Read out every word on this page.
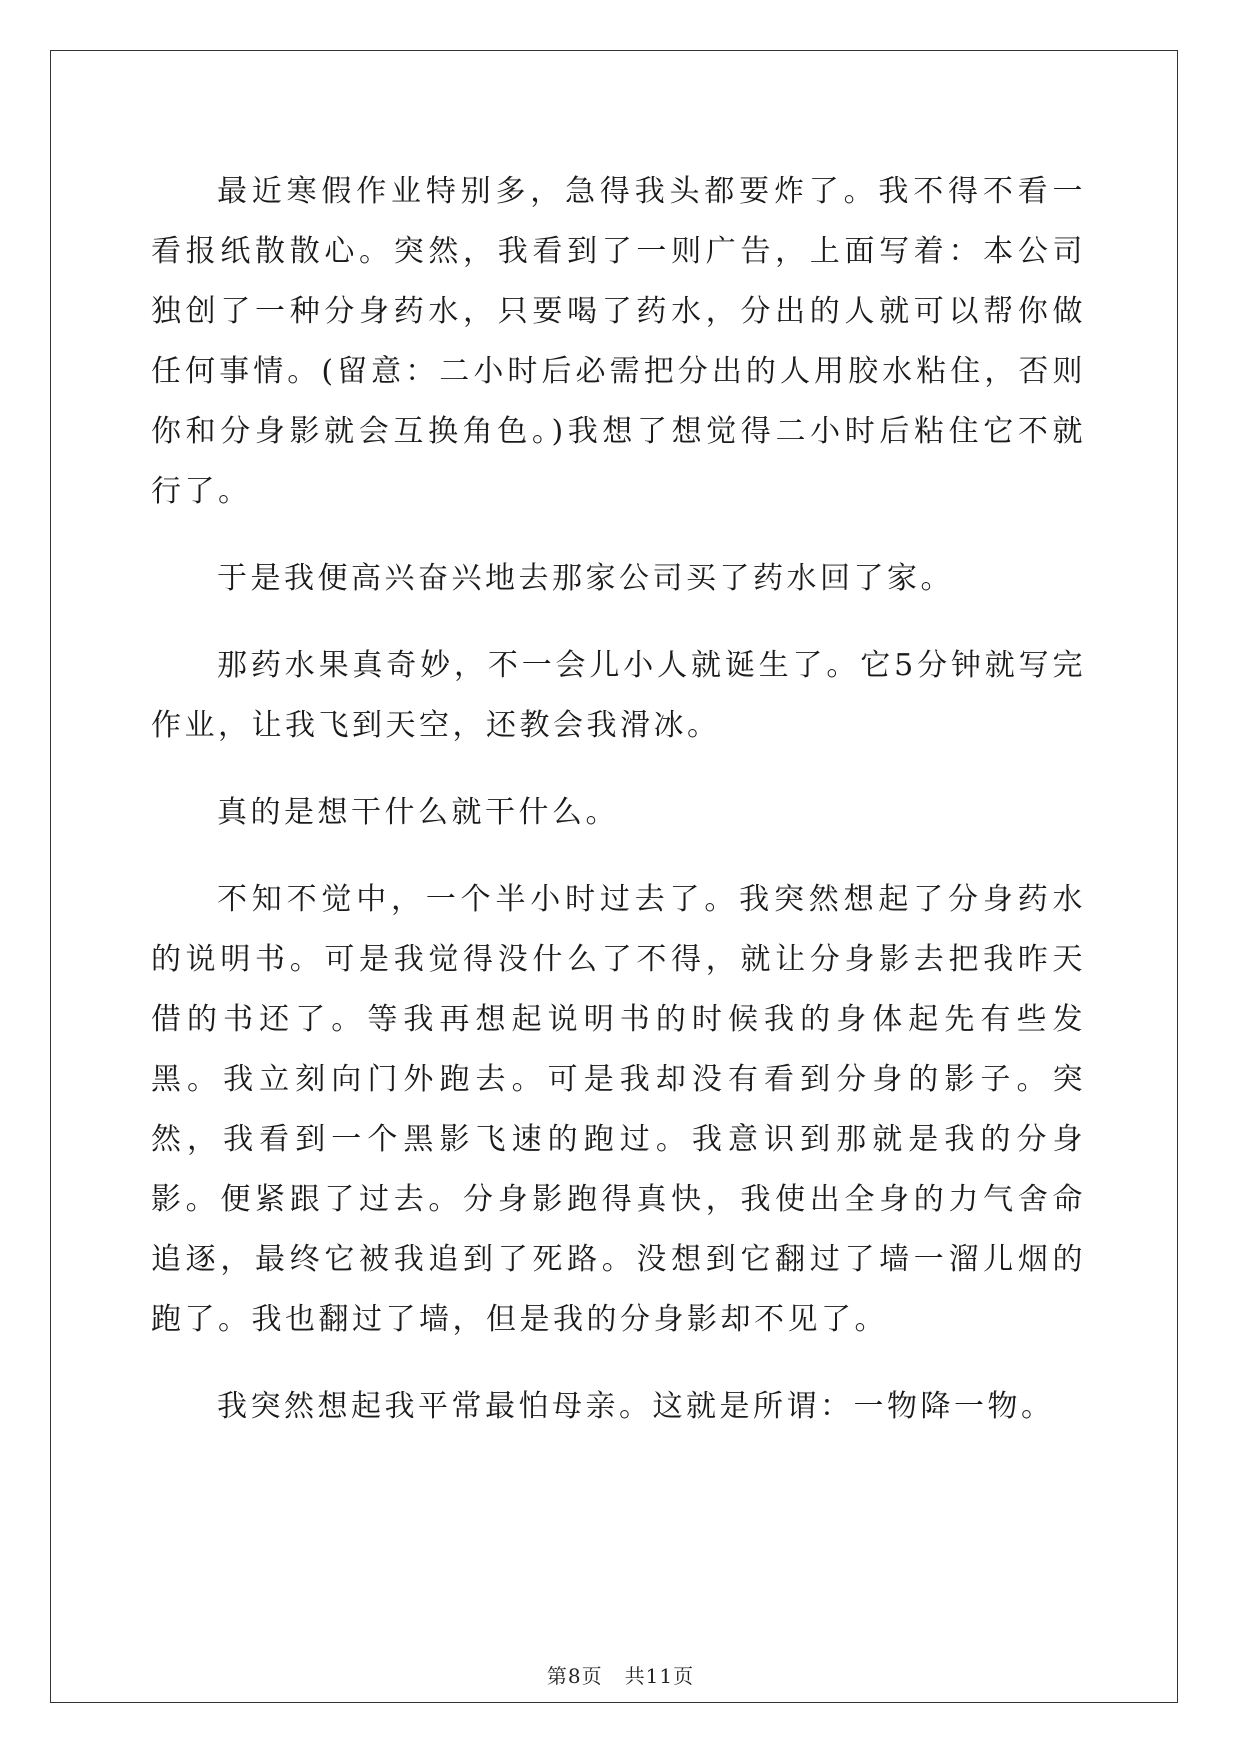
最近寒假作业特别多，急得我头都要炸了。我不得不看一看报纸散散心。突然，我看到了一则广告，上面写着：本公司独创了一种分身药水，只要喝了药水，分出的人就可以帮你做任何事情。(留意：二小时后必需把分出的人用胶水粘住，否则你和分身影就会互换角色。)我想了想觉得二小时后粘住它不就行了。

于是我便高兴奋兴地去那家公司买了药水回了家。

那药水果真奇妙，不一会儿小人就诞生了。它5分钟就写完作业，让我飞到天空，还教会我滑冰。

真的是想干什么就干什么。

不知不觉中，一个半小时过去了。我突然想起了分身药水的说明书。可是我觉得没什么了不得，就让分身影去把我昨天借的书还了。等我再想起说明书的时候我的身体起先有些发黑。我立刻向门外跑去。可是我却没有看到分身的影子。突然，我看到一个黑影飞速的跑过。我意识到那就是我的分身影。便紧跟了过去。分身影跑得真快，我使出全身的力气舍命追逐，最终它被我追到了死路。没想到它翻过了墙一溜儿烟的跑了。我也翻过了墙，但是我的分身影却不见了。

我突然想起我平常最怕母亲。这就是所谓：一物降一物。

第8页 共11页
